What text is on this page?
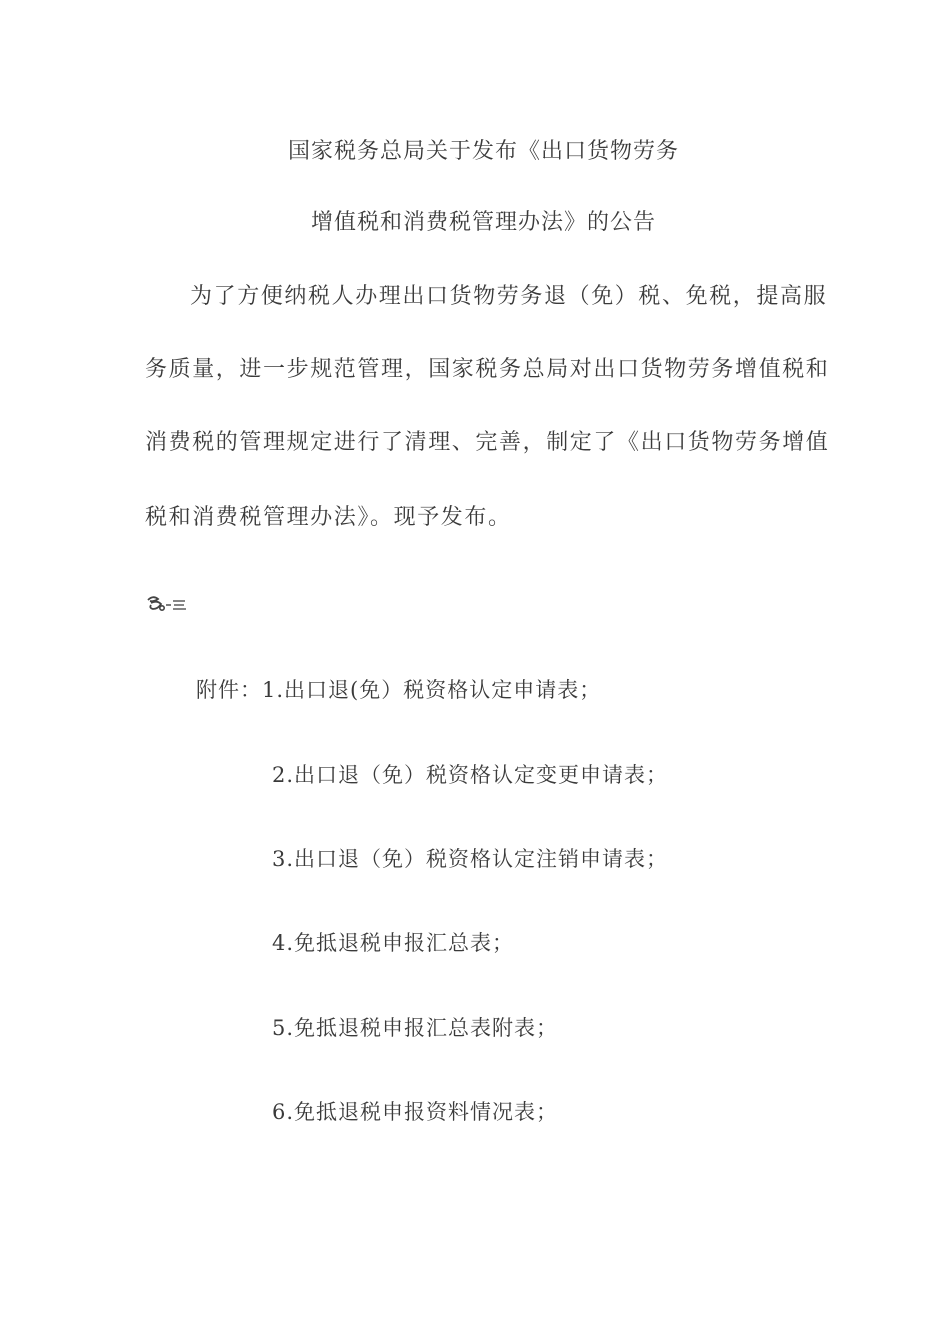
国家税务总局关于发布《出口货物劳务
增值税和消费税管理办法》的公告
为了方便纳税人办理出口货物劳务退（免）税、免税，提高服
务质量，进一步规范管理，国家税务总局对出口货物劳务增值税和
消费税的管理规定进行了清理、完善，制定了《出口货物劳务增值
税和消费税管理办法》。现予发布。
附件：1.出口退(免）税资格认定申请表；
2.出口退（免）税资格认定变更申请表；
3.出口退（免）税资格认定注销申请表；
4.免抵退税申报汇总表；
5.免抵退税申报汇总表附表；
6.免抵退税申报资料情况表；
